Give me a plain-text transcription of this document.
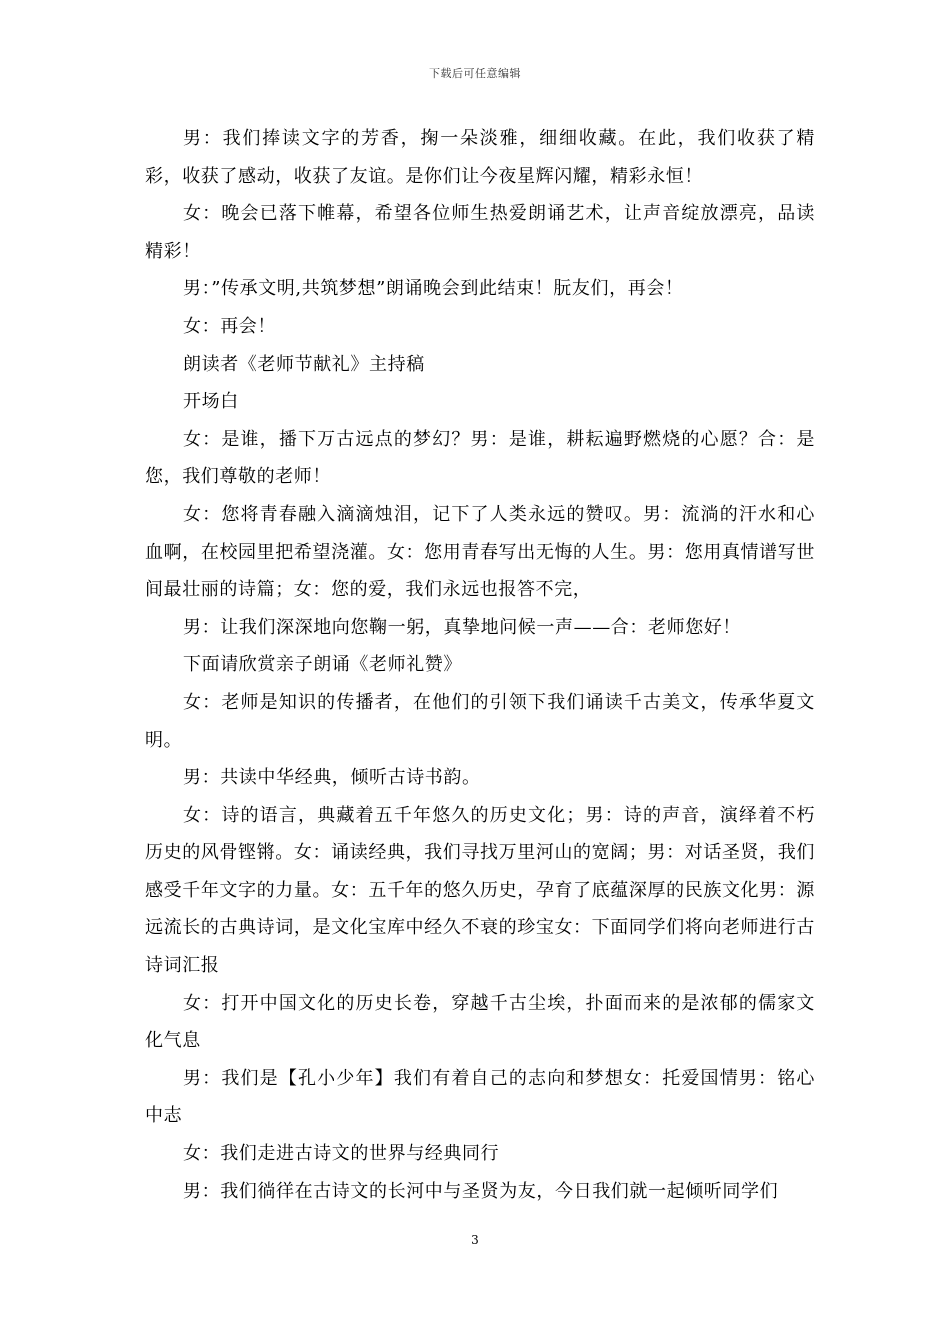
下载后可任意编辑

男：我们捧读文字的芳香，掬一朵淡雅，细细收藏。在此，我们收获了精彩，收获了感动，收获了友谊。是你们让今夜星辉闪耀，精彩永恒！

女：晚会已落下帷幕，希望各位师生热爱朗诵艺术，让声音绽放漂亮，品读精彩！

男：”传承文明,共筑梦想”朗诵晚会到此结束！朊友们，再会！

女：再会！

朗读者《老师节献礼》主持稿

开场白

女：是谁，播下万古远点的梦幻？男：是谁，耕耘遍野燃烧的心愿？合：是您，我们尊敬的老师！

女：您将青春融入滴滴烛泪，记下了人类永远的赞叹。男：流淌的汗水和心血啊，在校园里把希望浇灌。女：您用青春写出无悔的人生。男：您用真情谱写世间最壮丽的诗篇；女：您的爱，我们永远也报答不完，

男：让我们深深地向您鞠一躬，真挚地问候一声——合：老师您好！

下面请欣赏亲子朗诵《老师礼赞》

女：老师是知识的传播者，在他们的引领下我们诵读千古美文，传承华夏文明。

男：共读中华经典，倾听古诗书韵。

女：诗的语言，典藏着五千年悠久的历史文化；男：诗的声音，演绎着不朽历史的风骨铿锵。女：诵读经典，我们寻找万里河山的宽阔；男：对话圣贤，我们感受千年文字的力量。女：五千年的悠久历史，孕育了底蕴深厚的民族文化男：源远流长的古典诗词，是文化宝库中经久不衰的珍宝女：下面同学们将向老师进行古诗词汇报

女：打开中国文化的历史长卷，穿越千古尘埃，扑面而来的是浓郁的儒家文化气息

男：我们是【孔小少年】我们有着自己的志向和梦想女：托爱国情男：铭心中志

女：我们走进古诗文的世界与经典同行

男：我们徜徉在古诗文的长河中与圣贤为友，今日我们就一起倾听同学们

3
